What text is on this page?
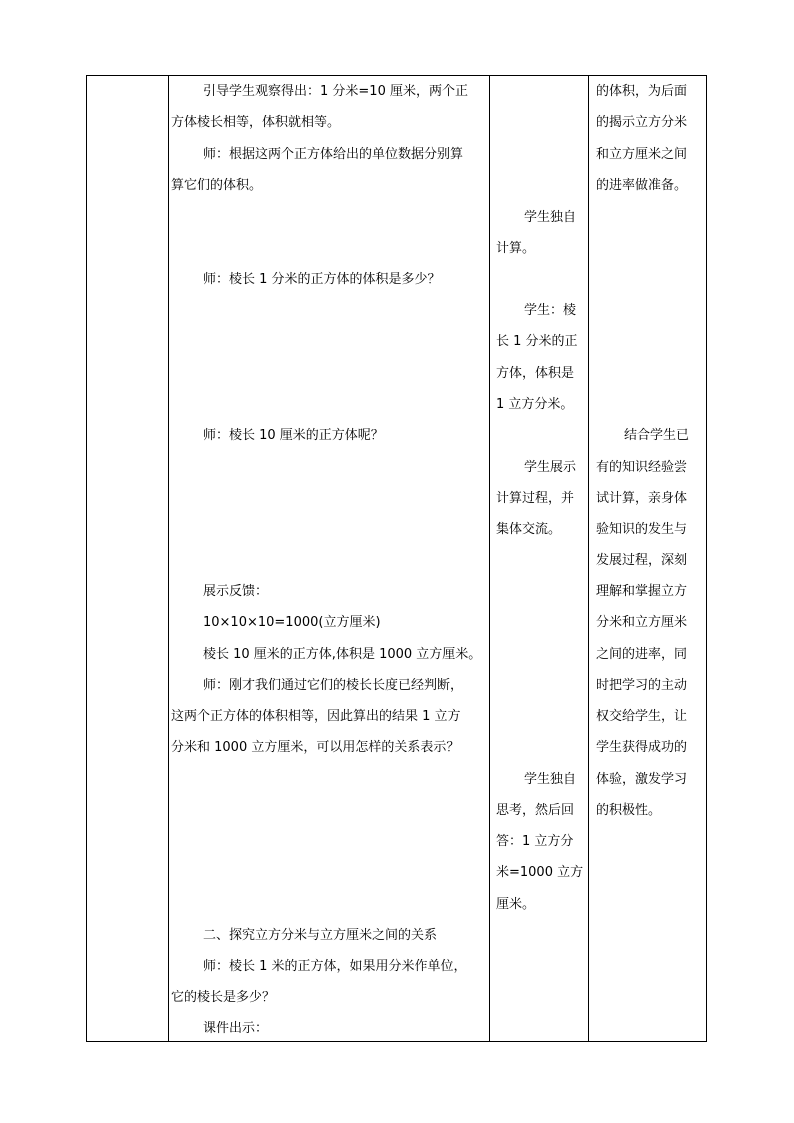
引导学生观察得出：1 分米=10 厘米，两个正
方体棱长相等，体积就相等。
师：根据这两个正方体给出的单位数据分别算
算它们的体积。
师：棱长 1 分米的正方体的体积是多少？
师：棱长 10 厘米的正方体呢？
展示反馈：
10×10×10=1000(立方厘米)
棱长 10 厘米的正方体,体积是 1000 立方厘米。
师：刚才我们通过它们的棱长长度已经判断，
这两个正方体的体积相等，因此算出的结果 1 立方
分米和 1000 立方厘米，可以用怎样的关系表示？
二、探究立方分米与立方厘米之间的关系
师：棱长 1 米的正方体，如果用分米作单位，
它的棱长是多少？
课件出示：
学生独自
计算。
学生：棱
长 1 分米的正
方体，体积是
1 立方分米。
学生展示
计算过程，并
集体交流。
学生独自
思考，然后回
答：1 立方分
米=1000 立方
厘米。
的体积，为后面
的揭示立方分米
和立方厘米之间
的进率做准备。
结合学生已
有的知识经验尝
试计算，亲身体
验知识的发生与
发展过程，深刻
理解和掌握立方
分米和立方厘米
之间的进率，同
时把学习的主动
权交给学生，让
学生获得成功的
体验，激发学习
的积极性。
